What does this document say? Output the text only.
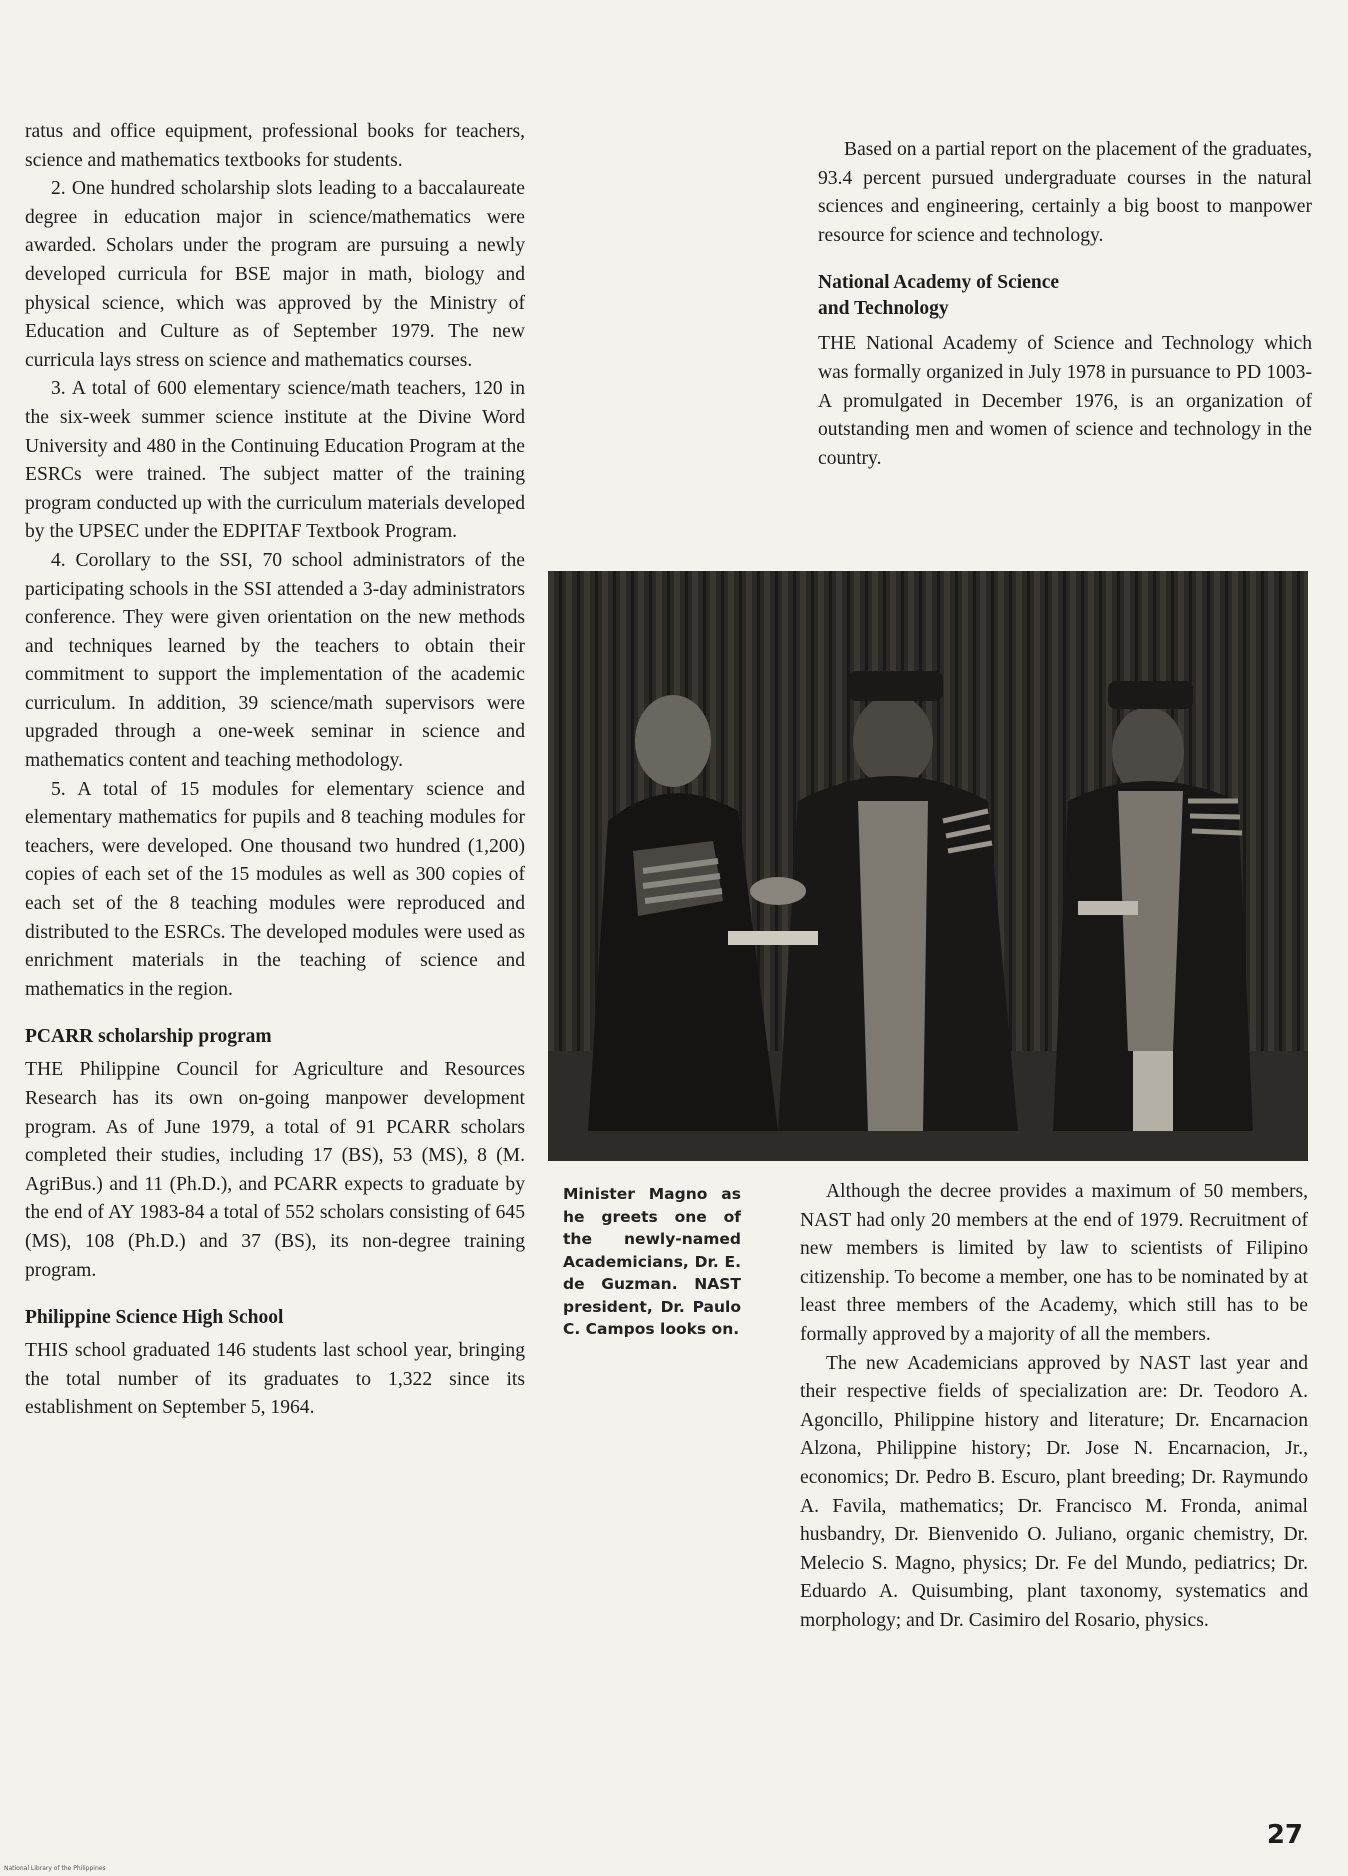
ratus and office equipment, professional books for teachers, science and mathematics textbooks for students.

2. One hundred scholarship slots leading to a baccalaureate degree in education major in science/mathematics were awarded. Scholars under the program are pursuing a newly developed curricula for BSE major in math, biology and physical science, which was approved by the Ministry of Education and Culture as of September 1979. The new curricula lays stress on science and mathematics courses.

3. A total of 600 elementary science/math teachers, 120 in the six-week summer science institute at the Divine Word University and 480 in the Continuing Education Program at the ESRCs were trained. The subject matter of the training program conducted up with the curriculum materials developed by the UPSEC under the EDPITAF Textbook Program.

4. Corollary to the SSI, 70 school administrators of the participating schools in the SSI attended a 3-day administrators conference. They were given orientation on the new methods and techniques learned by the teachers to obtain their commitment to support the implementation of the academic curriculum. In addition, 39 science/math supervisors were upgraded through a one-week seminar in science and mathematics content and teaching methodology.

5. A total of 15 modules for elementary science and elementary mathematics for pupils and 8 teaching modules for teachers, were developed. One thousand two hundred (1,200) copies of each set of the 15 modules as well as 300 copies of each set of the 8 teaching modules were reproduced and distributed to the ESRCs. The developed modules were used as enrichment materials in the teaching of science and mathematics in the region.

PCARR scholarship program

THE Philippine Council for Agriculture and Resources Research has its own on-going manpower development program. As of June 1979, a total of 91 PCARR scholars completed their studies, including 17 (BS), 53 (MS), 8 (M. AgriBus.) and 11 (Ph.D.), and PCARR expects to graduate by the end of AY 1983-84 a total of 552 scholars consisting of 645 (MS), 108 (Ph.D.) and 37 (BS), its non-degree training program.

Philippine Science High School

THIS school graduated 146 students last school year, bringing the total number of its graduates to 1,322 since its establishment on September 5, 1964.

Based on a partial report on the placement of the graduates, 93.4 percent pursued undergraduate courses in the natural sciences and engineering, certainly a big boost to manpower resource for science and technology.

National Academy of Science
and Technology

THE National Academy of Science and Technology which was formally organized in July 1978 in pursuance to PD 1003-A promulgated in December 1976, is an organization of outstanding men and women of science and technology in the country.

Minister Magno as he greets one of the newly-named Academicians, Dr. E. de Guzman. NAST president, Dr. Paulo C. Campos looks on.

Although the decree provides a maximum of 50 members, NAST had only 20 members at the end of 1979. Recruitment of new members is limited by law to scientists of Filipino citizenship. To become a member, one has to be nominated by at least three members of the Academy, which still has to be formally approved by a majority of all the members.

The new Academicians approved by NAST last year and their respective fields of specialization are: Dr. Teodoro A. Agoncillo, Philippine history and literature; Dr. Encarnacion Alzona, Philippine history; Dr. Jose N. Encarnacion, Jr., economics; Dr. Pedro B. Escuro, plant breeding; Dr. Raymundo A. Favila, mathematics; Dr. Francisco M. Fronda, animal husbandry, Dr. Bienvenido O. Juliano, organic chemistry, Dr. Melecio S. Magno, physics; Dr. Fe del Mundo, pediatrics; Dr. Eduardo A. Quisumbing, plant taxonomy, systematics and morphology; and Dr. Casimiro del Rosario, physics.

27
National Library of the Philippines
